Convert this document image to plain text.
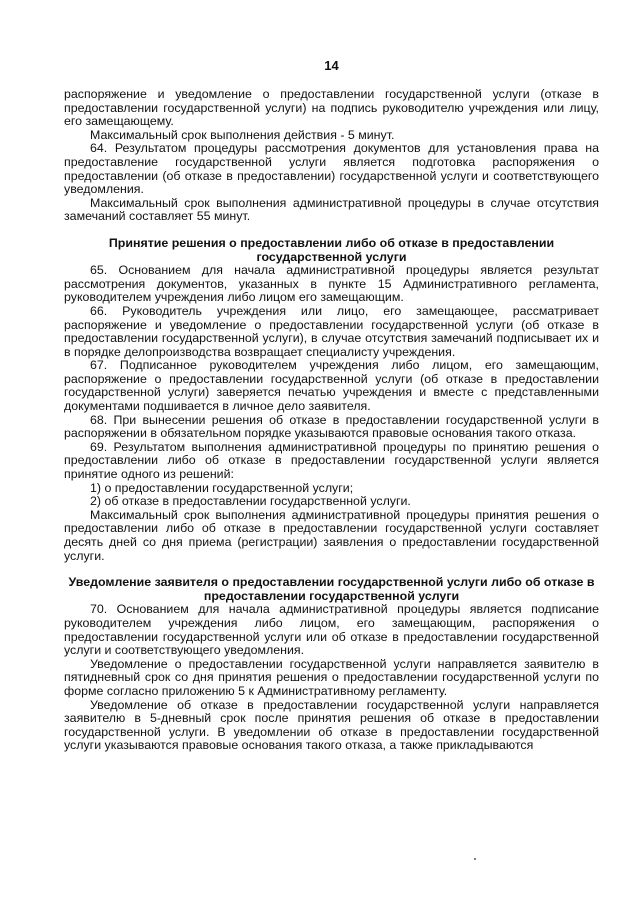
14

распоряжение и уведомление о предоставлении государственной услуги (отказе в предоставлении государственной услуги) на подпись руководителю учреждения или лицу, его замещающему.

Максимальный срок выполнения действия - 5 минут.

64. Результатом процедуры рассмотрения документов для установления права на предоставление государственной услуги является подготовка распоряжения о предоставлении (об отказе в предоставлении) государственной услуги и соответствующего уведомления.

Максимальный срок выполнения административной процедуры в случае отсутствия замечаний составляет 55 минут.

Принятие решения о предоставлении либо об отказе в предоставлении государственной услуги

65. Основанием для начала административной процедуры является результат рассмотрения документов, указанных в пункте 15 Административного регламента, руководителем учреждения либо лицом его замещающим.

66. Руководитель учреждения или лицо, его замещающее, рассматривает распоряжение и уведомление о предоставлении государственной услуги (об отказе в предоставлении государственной услуги), в случае отсутствия замечаний подписывает их и в порядке делопроизводства возвращает специалисту учреждения.

67. Подписанное руководителем учреждения либо лицом, его замещающим, распоряжение о предоставлении государственной услуги (об отказе в предоставлении государственной услуги) заверяется печатью учреждения и вместе с представленными документами подшивается в личное дело заявителя.

68. При вынесении решения об отказе в предоставлении государственной услуги в распоряжении в обязательном порядке указываются правовые основания такого отказа.

69. Результатом выполнения административной процедуры по принятию решения о предоставлении либо об отказе в предоставлении государственной услуги является принятие одного из решений:

1) о предоставлении государственной услуги;

2) об отказе в предоставлении государственной услуги.

Максимальный срок выполнения административной процедуры принятия решения о предоставлении либо об отказе в предоставлении государственной услуги составляет десять дней со дня приема (регистрации) заявления о предоставлении государственной услуги.

Уведомление заявителя о предоставлении государственной услуги либо об отказе в предоставлении государственной услуги

70. Основанием для начала административной процедуры является подписание руководителем учреждения либо лицом, его замещающим, распоряжения о предоставлении государственной услуги или об отказе в предоставлении государственной услуги и соответствующего уведомления.

Уведомление о предоставлении государственной услуги направляется заявителю в пятидневный срок со дня принятия решения о предоставлении государственной услуги по форме согласно приложению 5 к Административному регламенту.

Уведомление об отказе в предоставлении государственной услуги направляется заявителю в 5-дневный срок после принятия решения об отказе в предоставлении государственной услуги. В уведомлении об отказе в предоставлении государственной услуги указываются правовые основания такого отказа, а также прикладываются
